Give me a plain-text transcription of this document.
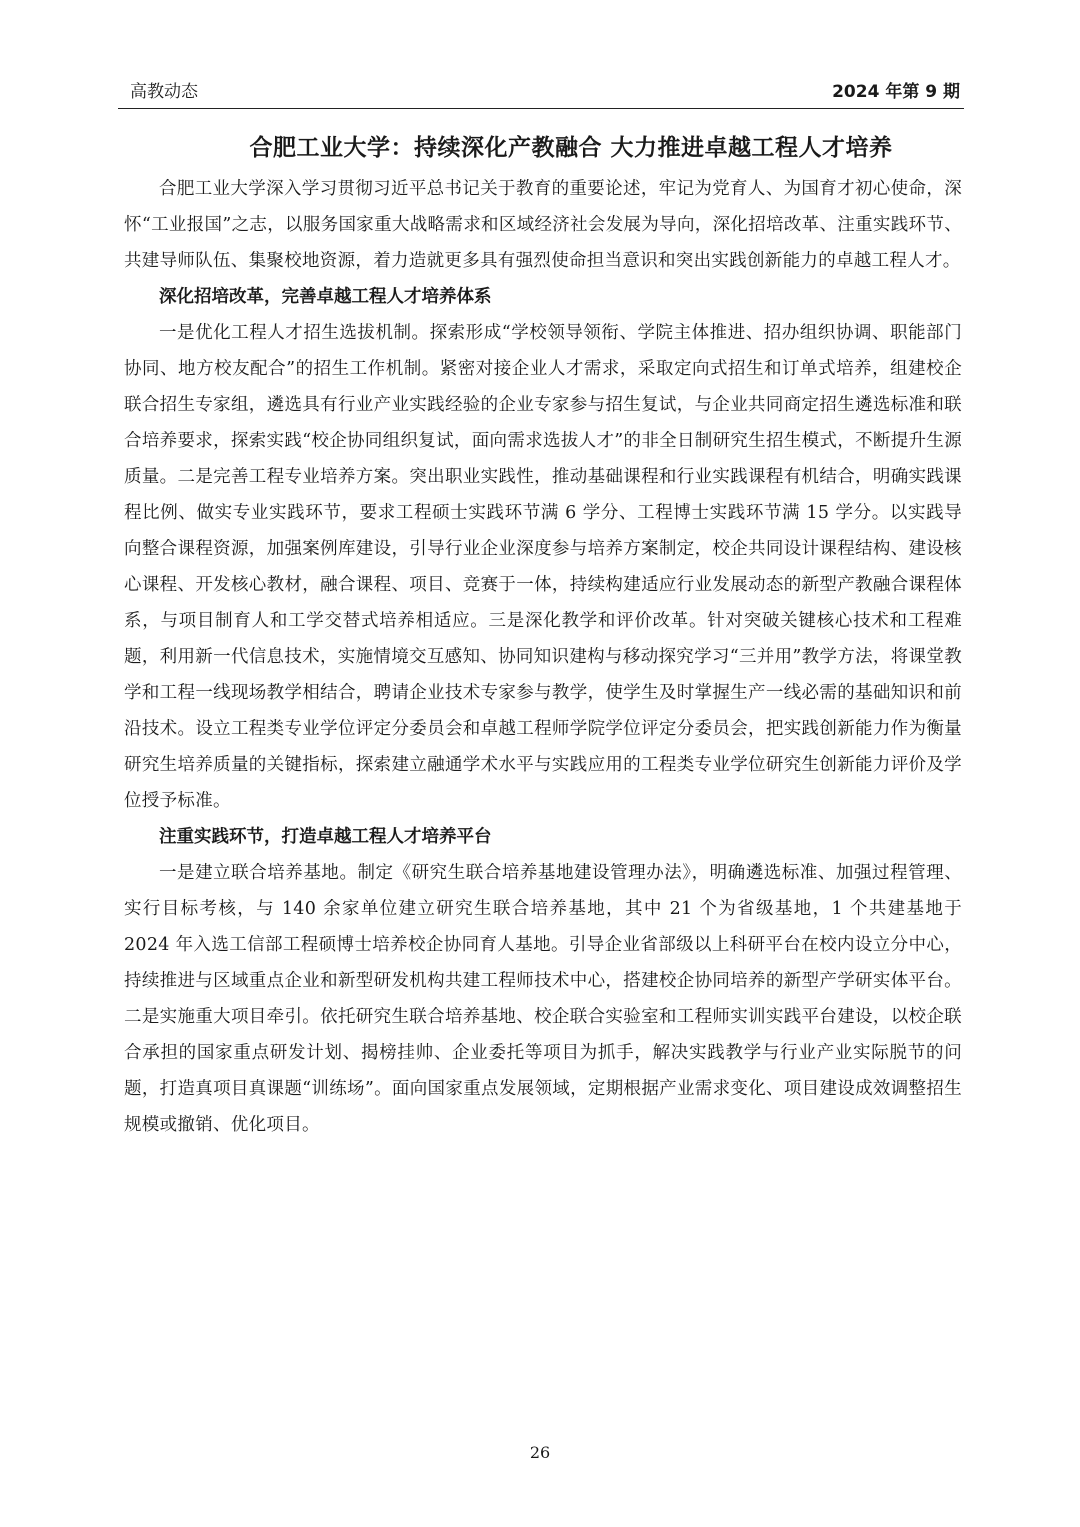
高教动态	2024 年第 9 期
合肥工业大学：持续深化产教融合 大力推进卓越工程人才培养

合肥工业大学深入学习贯彻习近平总书记关于教育的重要论述，牢记为党育人、为国育才初心使命，深怀“工业报国”之志，以服务国家重大战略需求和区域经济社会发展为导向，深化招培改革、注重实践环节、共建导师队伍、集聚校地资源，着力造就更多具有强烈使命担当意识和突出实践创新能力的卓越工程人才。

深化招培改革，完善卓越工程人才培养体系

一是优化工程人才招生选拔机制。探索形成“学校领导领衔、学院主体推进、招办组织协调、职能部门协同、地方校友配合”的招生工作机制。紧密对接企业人才需求，采取定向式招生和订单式培养，组建校企联合招生专家组，遴选具有行业产业实践经验的企业专家参与招生复试，与企业共同商定招生遴选标准和联合培养要求，探索实践“校企协同组织复试，面向需求选拔人才”的非全日制研究生招生模式，不断提升生源质量。二是完善工程专业培养方案。突出职业实践性，推动基础课程和行业实践课程有机结合，明确实践课程比例、做实专业实践环节，要求工程硕士实践环节满 6 学分、工程博士实践环节满 15 学分。以实践导向整合课程资源，加强案例库建设，引导行业企业深度参与培养方案制定，校企共同设计课程结构、建设核心课程、开发核心教材，融合课程、项目、竞赛于一体，持续构建适应行业发展动态的新型产教融合课程体系，与项目制育人和工学交替式培养相适应。三是深化教学和评价改革。针对突破关键核心技术和工程难题，利用新一代信息技术，实施情境交互感知、协同知识建构与移动探究学习“三并用”教学方法，将课堂教学和工程一线现场教学相结合，聘请企业技术专家参与教学，使学生及时掌握生产一线必需的基础知识和前沿技术。设立工程类专业学位评定分委员会和卓越工程师学院学位评定分委员会，把实践创新能力作为衡量研究生培养质量的关键指标，探索建立融通学术水平与实践应用的工程类专业学位研究生创新能力评价及学位授予标准。

注重实践环节，打造卓越工程人才培养平台

一是建立联合培养基地。制定《研究生联合培养基地建设管理办法》，明确遴选标准、加强过程管理、实行目标考核，与 140 余家单位建立研究生联合培养基地，其中 21 个为省级基地，1 个共建基地于 2024 年入选工信部工程硕博士培养校企协同育人基地。引导企业省部级以上科研平台在校内设立分中心，持续推进与区域重点企业和新型研发机构共建工程师技术中心，搭建校企协同培养的新型产学研实体平台。二是实施重大项目牵引。依托研究生联合培养基地、校企联合实验室和工程师实训实践平台建设，以校企联合承担的国家重点研发计划、揭榜挂帅、企业委托等项目为抓手，解决实践教学与行业产业实际脱节的问题，打造真项目真课题“训练场”。面向国家重点发展领域，定期根据产业需求变化、项目建设成效调整招生规模或撤销、优化项目。

26
